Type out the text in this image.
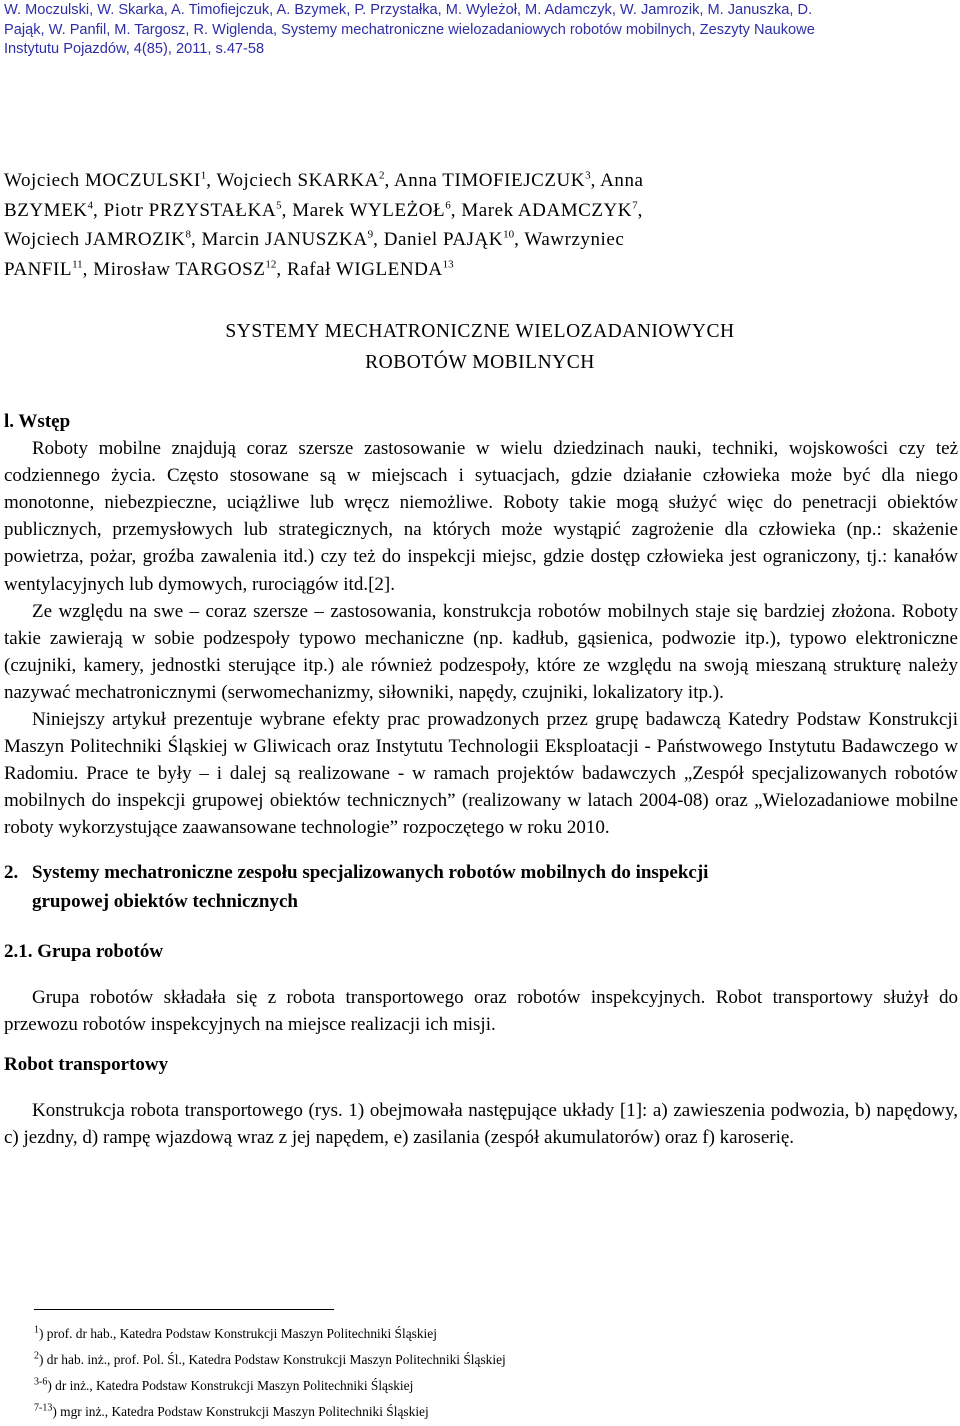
W. Moczulski, W. Skarka, A. Timofiejczuk, A. Bzymek, P. Przystałka, M. Wyleżoł, M. Adamczyk, W. Jamrozik, M. Januszka, D.

Pająk, W. Panfil, M. Targosz, R. Wiglenda, Systemy mechatroniczne wielozadaniowych robotów mobilnych, Zeszyty Naukowe

Instytutu Pojazdów, 4(85), 2011, s.47-58

Wojciech MOCZULSKI$^1$, Wojciech SKARKA$^2$, Anna TIMOFIEJCZUK$^3$, Anna

BZYMEK$^4$, Piotr PRZYSTAŁKA$^5$, Marek WYLEŻOŁ$^6$, Marek ADAMCZYK$^7$,

Wojciech JAMROZIK$^8$, Marcin JANUSZKA$^9$, Daniel PAJĄK$^{10}$, Wawrzyniec

PANFIL$^{11}$, Mirosław TARGOSZ$^{12}$, Rafał WIGLENDA$^{13}$

SYSTEMY MECHATRONICZNE WIELOZADANIOWYCH

ROBOTÓW MOBILNYCH

l. Wstęp

Roboty mobilne znajdują coraz szersze zastosowanie w wielu dziedzinach nauki, techniki, wojskowości czy też codziennego życia. Często stosowane są w miejscach i sytuacjach, gdzie działanie człowieka może być dla niego monotonne, niebezpieczne, uciążliwe lub wręcz niemożliwe. Roboty takie mogą służyć więc do penetracji obiektów publicznych, przemysłowych lub strategicznych, na których może wystąpić zagrożenie dla człowieka (np.: skażenie powietrza, pożar, groźba zawalenia itd.) czy też do inspekcji miejsc, gdzie dostęp człowieka jest ograniczony, tj.: kanałów wentylacyjnych lub dymowych, rurociągów itd.[2].

Ze względu na swe – coraz szersze – zastosowania, konstrukcja robotów mobilnych staje się bardziej złożona. Roboty takie zawierają w sobie podzespoły typowo mechaniczne (np. kadłub, gąsienica, podwozie itp.), typowo elektroniczne (czujniki, kamery, jednostki sterujące itp.) ale również podzespoły, które ze względu na swoją mieszaną strukturę należy nazywać mechatronicznymi (serwomechanizmy, siłowniki, napędy, czujniki, lokalizatory itp.).

Niniejszy artykuł prezentuje wybrane efekty prac prowadzonych przez grupę badawczą Katedry Podstaw Konstrukcji Maszyn Politechniki Śląskiej w Gliwicach oraz Instytutu Technologii Eksploatacji - Państwowego Instytutu Badawczego w Radomiu. Prace te były – i dalej są realizowane - w ramach projektów badawczych „Zespół specjalizowanych robotów mobilnych do inspekcji grupowej obiektów technicznych” (realizowany w latach 2004-08) oraz „Wielozadaniowe mobilne roboty wykorzystujące zaawansowane technologie” rozpoczętego w roku 2010.

2. Systemy mechatroniczne zespołu specjalizowanych robotów mobilnych do inspekcji
grupowej obiektów technicznych

2.1. Grupa robotów

Grupa robotów składała się z robota transportowego oraz robotów inspekcyjnych. Robot transportowy służył do przewozu robotów inspekcyjnych na miejsce realizacji ich misji.

Robot transportowy

Konstrukcja robota transportowego (rys. 1) obejmowała następujące układy [1]: a) zawieszenia podwozia, b) napędowy, c) jezdny, d) rampę wjazdową wraz z jej napędem, e) zasilania (zespół akumulatorów) oraz f) karoserię.

$^1$) prof. dr hab., Katedra Podstaw Konstrukcji Maszyn Politechniki Śląskiej

$^2$) dr hab. inż., prof. Pol. Śl., Katedra Podstaw Konstrukcji Maszyn Politechniki Śląskiej

$^{3-6}$) dr inż., Katedra Podstaw Konstrukcji Maszyn Politechniki Śląskiej

$^{7-13}$) mgr inż., Katedra Podstaw Konstrukcji Maszyn Politechniki Śląskiej
